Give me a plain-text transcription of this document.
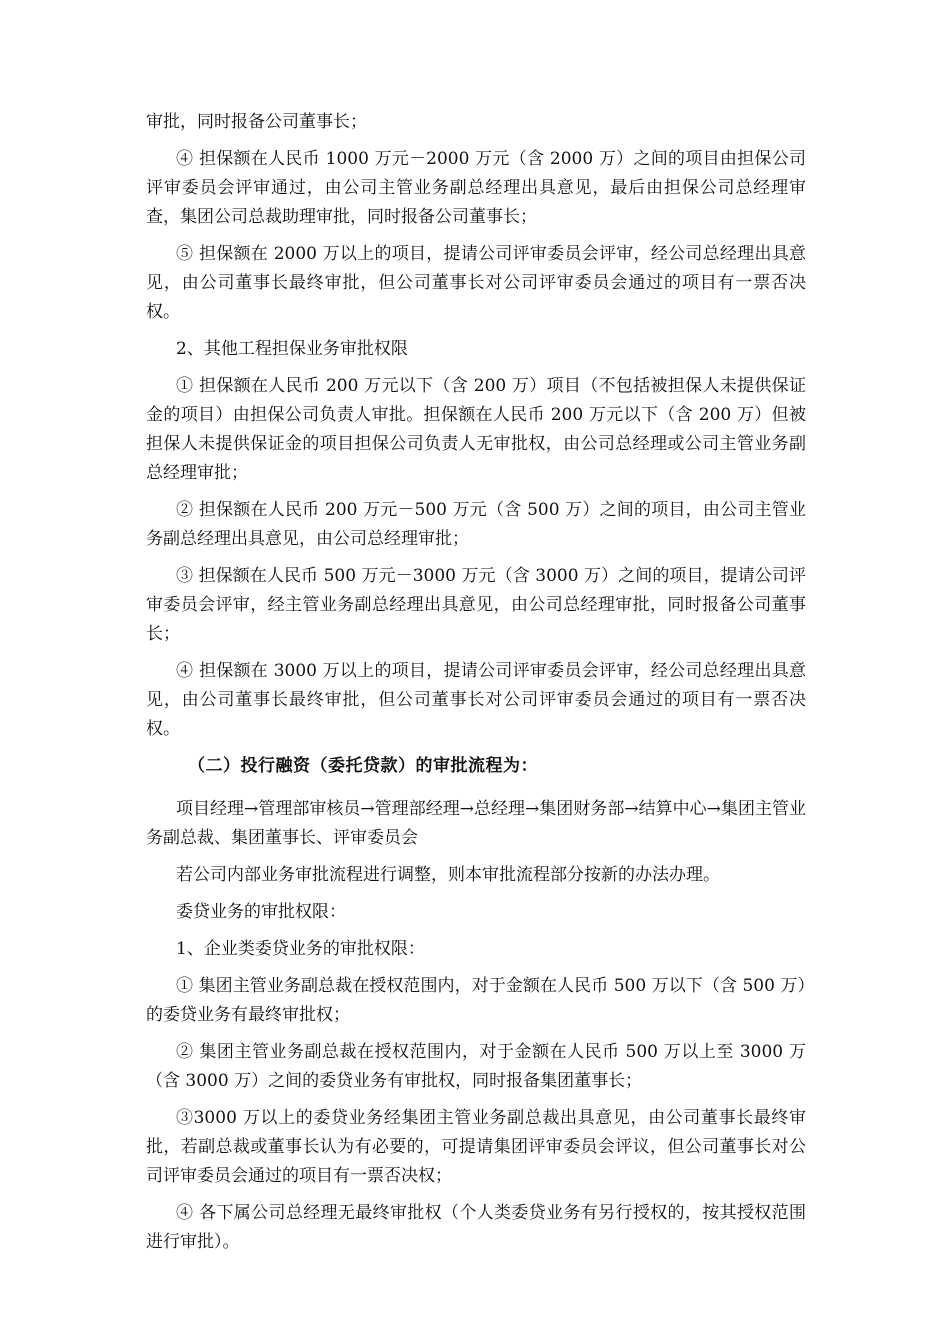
审批，同时报备公司董事长；

④ 担保额在人民币 1000 万元－2000 万元（含 2000 万）之间的项目由担保公司评审委员会评审通过，由公司主管业务副总经理出具意见，最后由担保公司总经理审查，集团公司总裁助理审批，同时报备公司董事长；

⑤ 担保额在 2000 万以上的项目，提请公司评审委员会评审，经公司总经理出具意见，由公司董事长最终审批，但公司董事长对公司评审委员会通过的项目有一票否决权。

2、其他工程担保业务审批权限

① 担保额在人民币 200 万元以下（含 200 万）项目（不包括被担保人未提供保证金的项目）由担保公司负责人审批。担保额在人民币 200 万元以下（含 200 万）但被担保人未提供保证金的项目担保公司负责人无审批权，由公司总经理或公司主管业务副总经理审批；

② 担保额在人民币 200 万元－500 万元（含 500 万）之间的项目，由公司主管业务副总经理出具意见，由公司总经理审批；

③ 担保额在人民币 500 万元－3000 万元（含 3000 万）之间的项目，提请公司评审委员会评审，经主管业务副总经理出具意见，由公司总经理审批，同时报备公司董事长；

④ 担保额在 3000 万以上的项目，提请公司评审委员会评审，经公司总经理出具意见，由公司董事长最终审批，但公司董事长对公司评审委员会通过的项目有一票否决权。

（二）投行融资（委托贷款）的审批流程为：

项目经理→管理部审核员→管理部经理→总经理→集团财务部→结算中心→集团主管业务副总裁、集团董事长、评审委员会

若公司内部业务审批流程进行调整，则本审批流程部分按新的办法办理。

委贷业务的审批权限：

1、企业类委贷业务的审批权限：

① 集团主管业务副总裁在授权范围内，对于金额在人民币 500 万以下（含 500 万）的委贷业务有最终审批权；

② 集团主管业务副总裁在授权范围内，对于金额在人民币 500 万以上至 3000 万（含 3000 万）之间的委贷业务有审批权，同时报备集团董事长；

③3000 万以上的委贷业务经集团主管业务副总裁出具意见，由公司董事长最终审批，若副总裁或董事长认为有必要的，可提请集团评审委员会评议，但公司董事长对公司评审委员会通过的项目有一票否决权；

④ 各下属公司总经理无最终审批权（个人类委贷业务有另行授权的，按其授权范围进行审批）。
